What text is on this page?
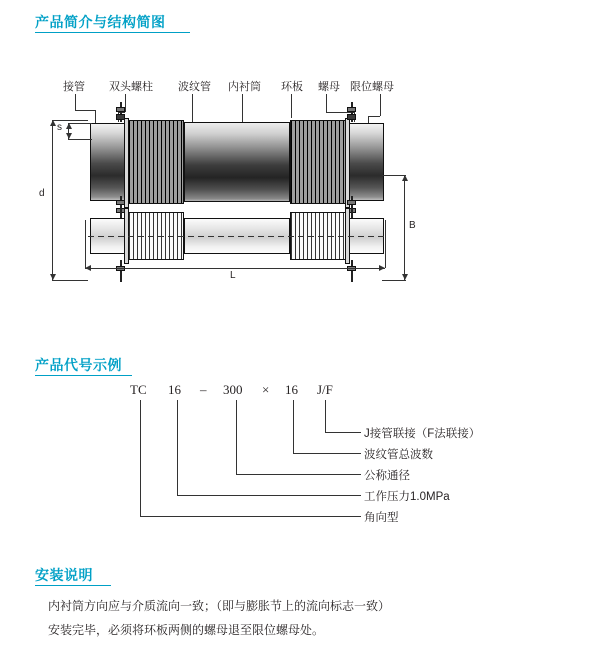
产品简介与结构简图
产品代号示例
安装说明
接管 双头螺柱 波纹管 内衬筒 环板 螺母 限位螺母
s
d
B
L
TC 16 – 300 × 16 J/F
J接管联接（F法联接）
波纹管总波数
公称通径
工作压力1.0MPa
角向型

内衬筒方向应与介质流向一致；（即与膨胀节上的流向标志一致）

安装完毕，必须将环板两侧的螺母退至限位螺母处。
